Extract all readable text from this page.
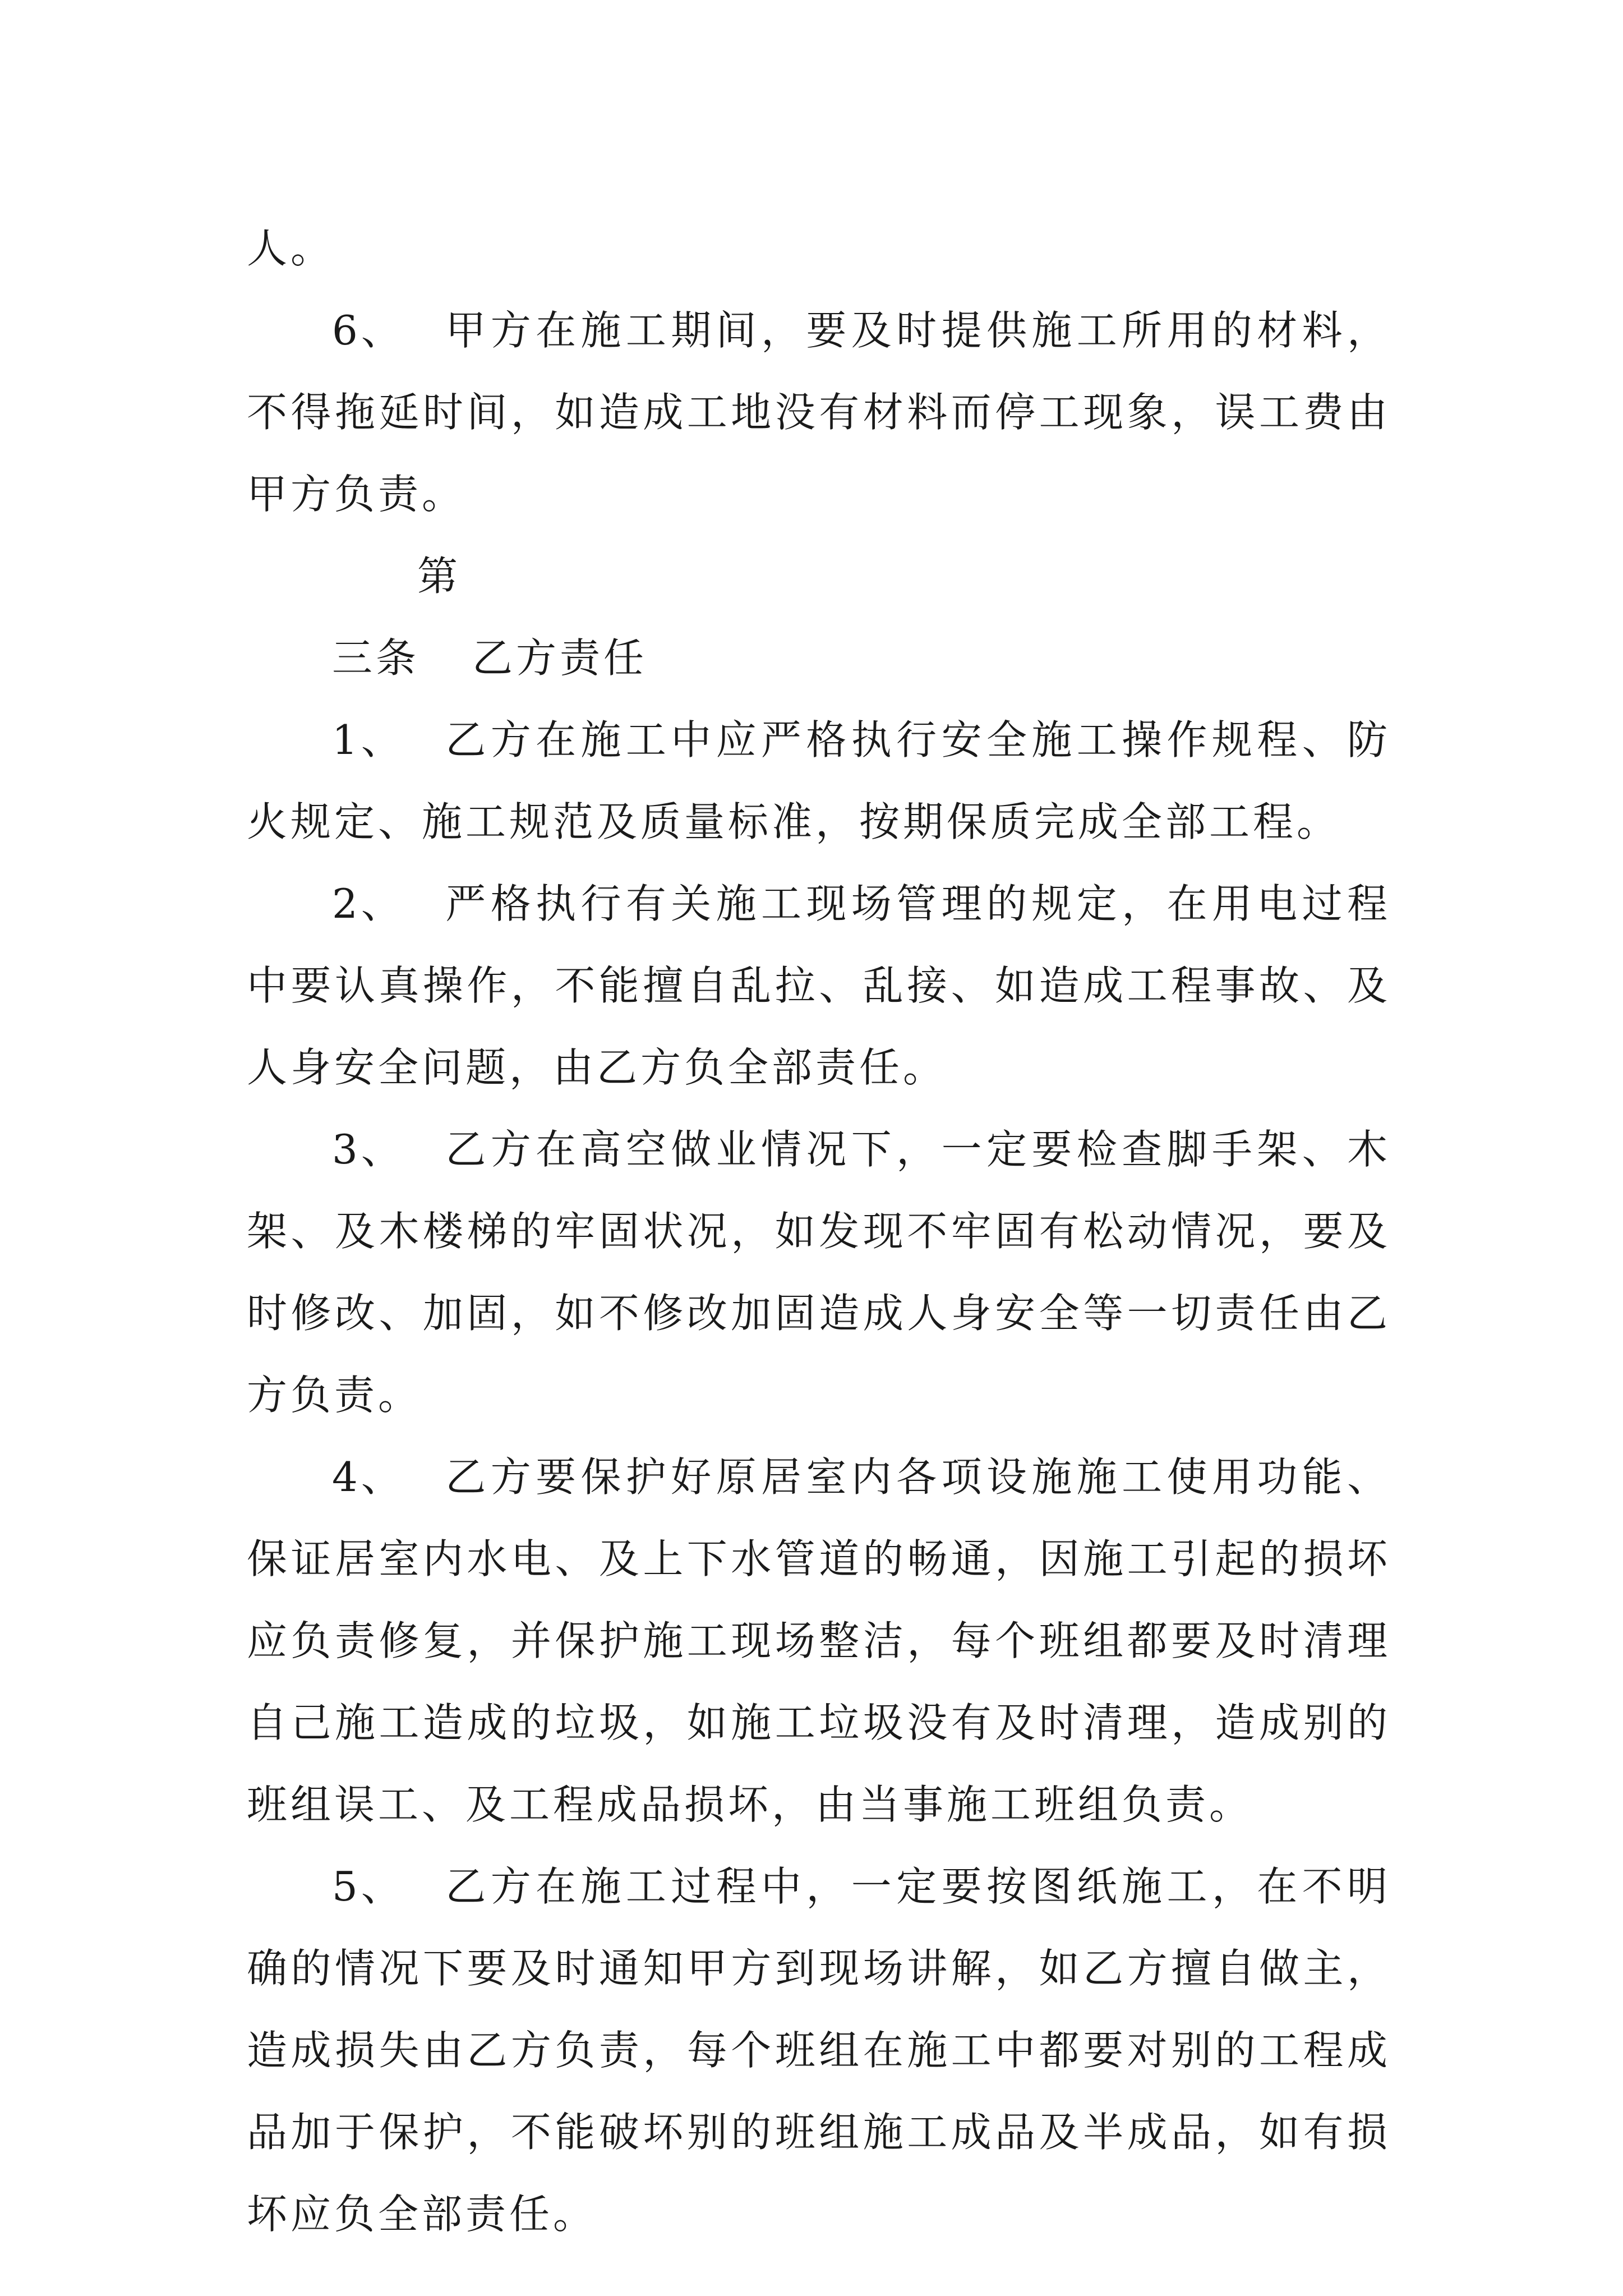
人。

6、 甲方在施工期间，要及时提供施工所用的材料，不得拖延时间，如造成工地没有材料而停工现象，误工费由甲方负责。

第三条 乙方责任

1、 乙方在施工中应严格执行安全施工操作规程、防火规定、施工规范及质量标准，按期保质完成全部工程。

2、 严格执行有关施工现场管理的规定，在用电过程中要认真操作，不能擅自乱拉、乱接、如造成工程事故、及人身安全问题，由乙方负全部责任。

3、 乙方在高空做业情况下，一定要检查脚手架、木架、及木楼梯的牢固状况，如发现不牢固有松动情况，要及时修改、加固，如不修改加固造成人身安全等一切责任由乙方负责。

4、 乙方要保护好原居室内各项设施施工使用功能、保证居室内水电、及上下水管道的畅通，因施工引起的损坏应负责修复，并保护施工现场整洁，每个班组都要及时清理自己施工造成的垃圾，如施工垃圾没有及时清理，造成别的班组误工、及工程成品损坏，由当事施工班组负责。

5、 乙方在施工过程中，一定要按图纸施工，在不明确的情况下要及时通知甲方到现场讲解，如乙方擅自做主，造成损失由乙方负责，每个班组在施工中都要对别的工程成品加于保护，不能破坏别的班组施工成品及半成品，如有损坏应负全部责任。
